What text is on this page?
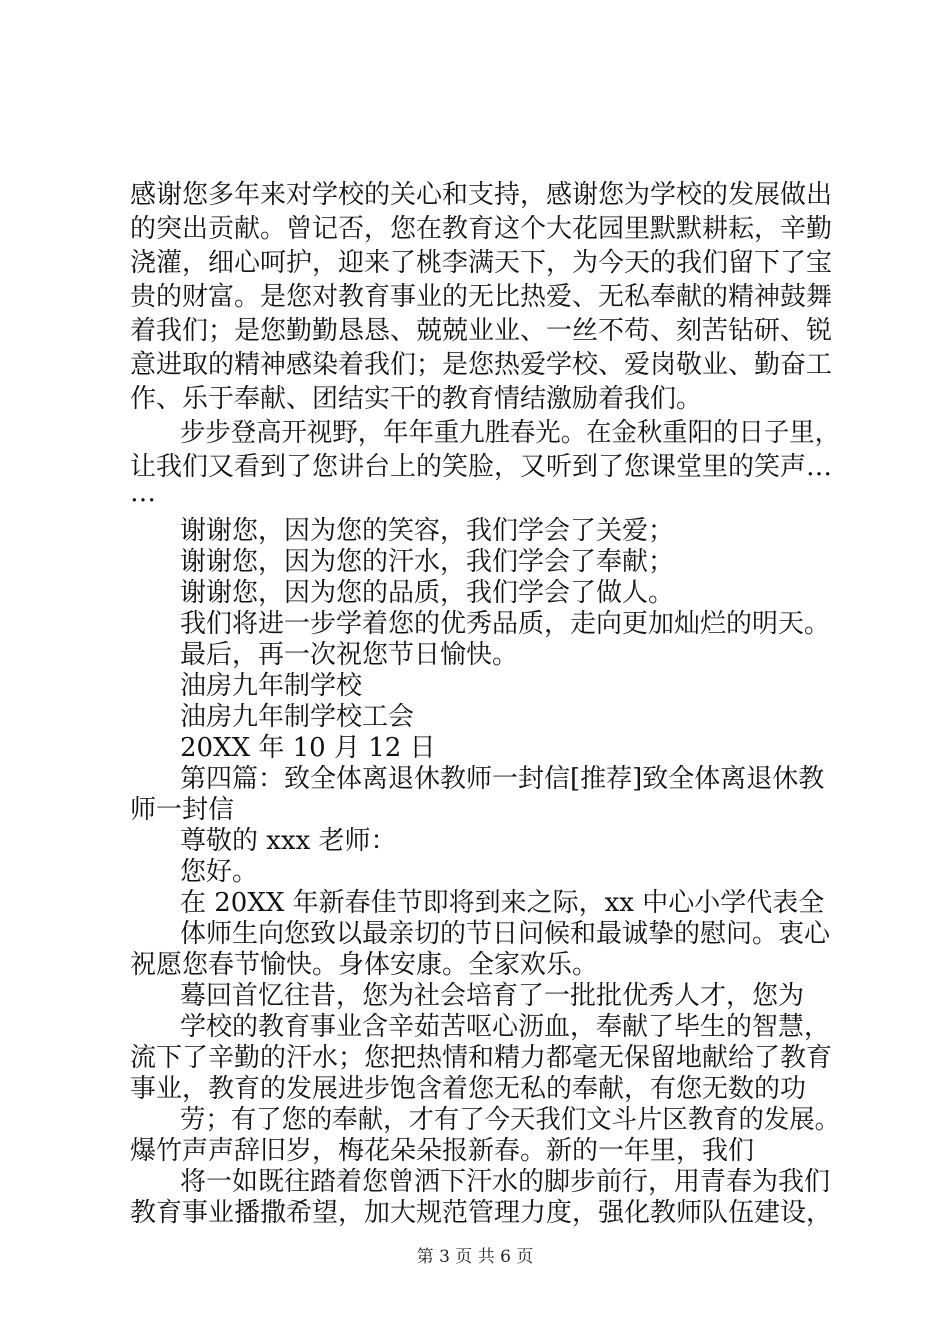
感谢您多年来对学校的关心和支持，感谢您为学校的发展做出
的突出贡献。曾记否，您在教育这个大花园里默默耕耘，辛勤
浇灌，细心呵护，迎来了桃李满天下，为今天的我们留下了宝
贵的财富。是您对教育事业的无比热爱、无私奉献的精神鼓舞
着我们；是您勤勤恳恳、兢兢业业、一丝不苟、刻苦钻研、锐
意进取的精神感染着我们；是您热爱学校、爱岗敬业、勤奋工
作、乐于奉献、团结实干的教育情结激励着我们。
步步登高开视野，年年重九胜春光。在金秋重阳的日子里，
让我们又看到了您讲台上的笑脸，又听到了您课堂里的笑声…
…
谢谢您，因为您的笑容，我们学会了关爱；
谢谢您，因为您的汗水，我们学会了奉献；
谢谢您，因为您的品质，我们学会了做人。
我们将进一步学着您的优秀品质，走向更加灿烂的明天。
最后，再一次祝您节日愉快。
油房九年制学校
油房九年制学校工会
20XX 年 10 月 12 日
第四篇：致全体离退休教师一封信[推荐]致全体离退休教
师一封信
尊敬的 xxx 老师：
您好。
在 20XX 年新春佳节即将到来之际，xx 中心小学代表全
体师生向您致以最亲切的节日问候和最诚挚的慰问。衷心
祝愿您春节愉快。身体安康。全家欢乐。
蓦回首忆往昔，您为社会培育了一批批优秀人才，您为
学校的教育事业含辛茹苦呕心沥血，奉献了毕生的智慧，
流下了辛勤的汗水；您把热情和精力都毫无保留地献给了教育
事业，教育的发展进步饱含着您无私的奉献，有您无数的功
劳；有了您的奉献，才有了今天我们文斗片区教育的发展。
爆竹声声辞旧岁，梅花朵朵报新春。新的一年里，我们
将一如既往踏着您曾洒下汗水的脚步前行，用青春为我们
教育事业播撒希望，加大规范管理力度，强化教师队伍建设，
第 3 页 共 6 页
